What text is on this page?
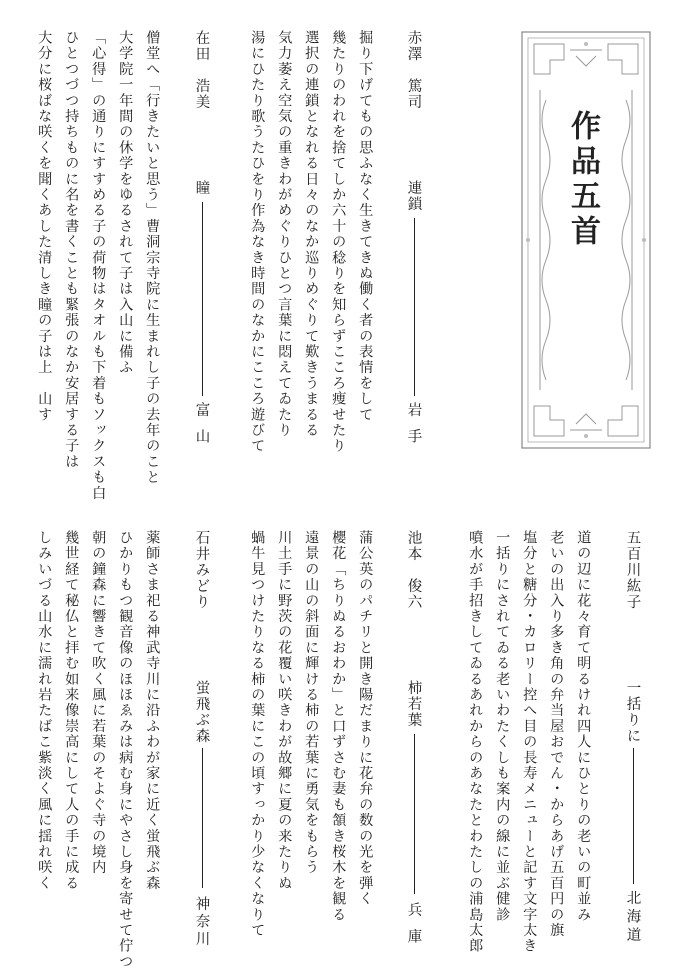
作品五首
赤澤　篤司
連鎖
岩手
掘り下げてもの思ふなく生きてきぬ働く者の表情をして
幾たりのわれを捨てしか六十の稔りを知らずこころ痩せたり
選択の連鎖となれる日々のなか巡りめぐりて歎きうまるる
気力萎え空気の重きわがめぐりひとつ言葉に悶えてゐたり
湯にひたり歌うたひをり作為なき時間のなかにこころ遊びて
在田　浩美
瞳
富山
僧堂へ「行きたいと思う」曹洞宗寺院に生まれし子の去年のこと
大学院一年間の休学をゆるされて子は入山に備ふ
「心得」の通りにすすめる子の荷物はタオルも下着もソックスも白
ひとつづつ持ちものに名を書くことも緊張のなか安居する子は
大分に桜ばな咲くを聞くあした清しき瞳の子は上　山す
五百川紘子
一括りに
北海道
道の辺に花々育て明るけれ四人にひとりの老いの町並み
老いの出入り多き角の弁当屋おでん・からあげ五百円の旗
塩分と糖分・カロリー控へ目の長寿メニューと記す文字太き
一括りにされてゐる老いわたくしも案内の線に並ぶ健診
噴水が手招きしてゐるあれからのあなたとわたしの浦島太郎
池本　俊六
柿若葉
兵庫
蒲公英のパチリと開き陽だまりに花弁の数の光を弾く
櫻花「ちりぬるおわか」と口ずさむ妻も頷き桜木を観る
遠景の山の斜面に輝ける柿の若葉に勇気をもらう
川土手に野茨の花覆い咲きわが故郷に夏の来たりぬ
蝸牛見つけたりなる柿の葉にこの頃すっかり少なくなりて
石井みどり
蛍飛ぶ森
神奈川
薬師さま祀る神武寺川に沿ふわが家に近く蛍飛ぶ森
ひかりもつ観音像のほほゑみは病む身にやさし身を寄せて佇つ
朝の鐘森に響きて吹く風に若葉のそよぐ寺の境内
幾世経て秘仏と拝む如来像崇高にして人の手に成る
しみいづる山水に濡れ岩たばこ紫淡く風に揺れ咲く
